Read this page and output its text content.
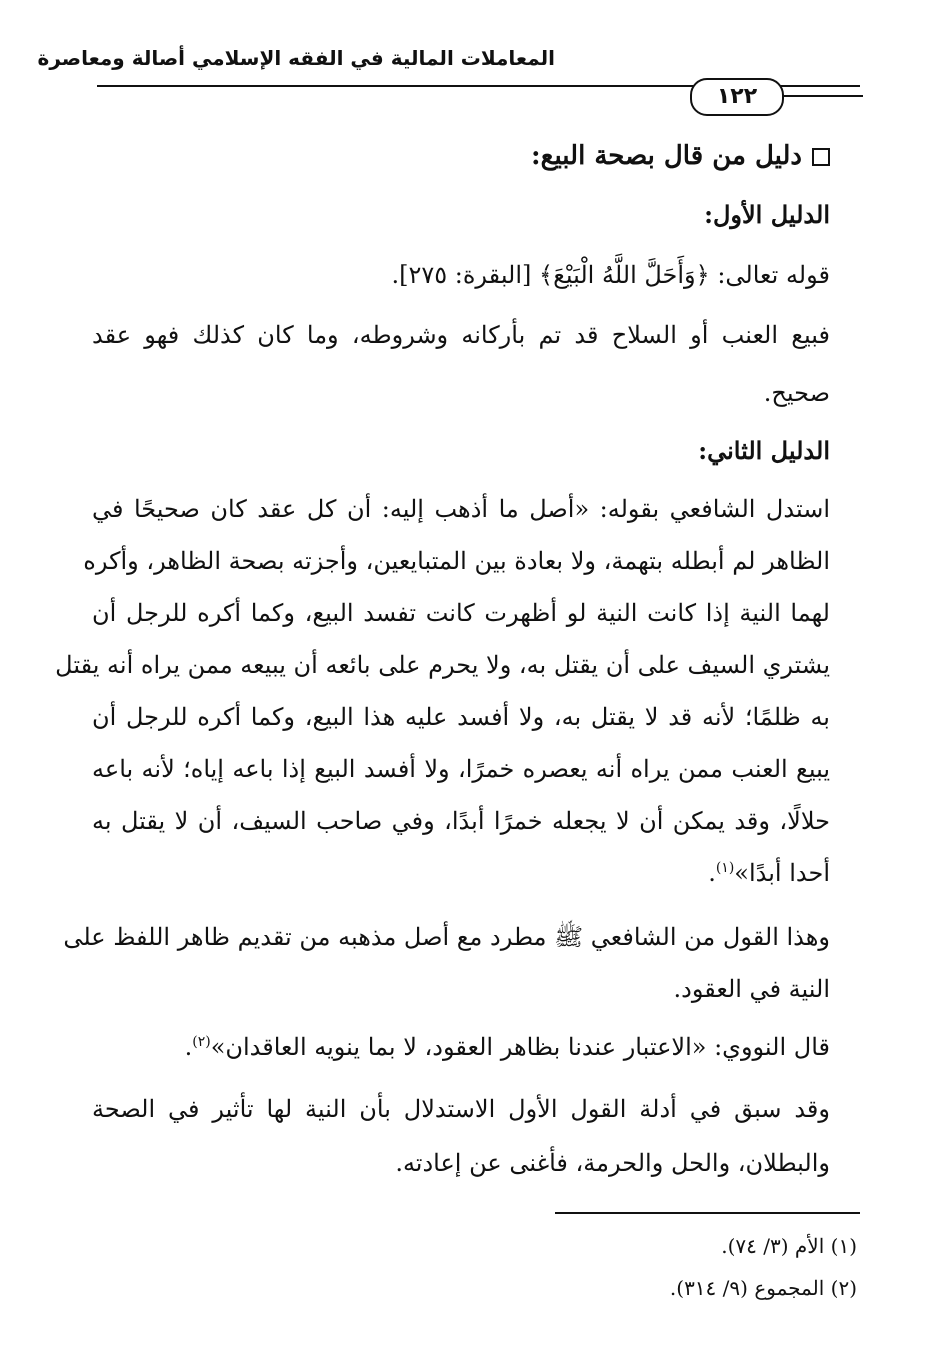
المعاملات المالية في الفقه الإسلامي أصالة ومعاصرة
١٢٢
دليل من قال بصحة البيع:
الدليل الأول:
قوله تعالى: ﴿وَأَحَلَّ اللَّهُ الْبَيْعَ﴾ [البقرة: ٢٧٥].
فبيع العنب أو السلاح قد تم بأركانه وشروطه، وما كان كذلك فهو عقد
صحيح.
الدليل الثاني:
استدل الشافعي بقوله: «أصل ما أذهب إليه: أن كل عقد كان صحيحًا في
الظاهر لم أبطله بتهمة، ولا بعادة بين المتبايعين، وأجزته بصحة الظاهر، وأكره
لهما النية إذا كانت النية لو أظهرت كانت تفسد البيع، وكما أكره للرجل أن
يشتري السيف على أن يقتل به، ولا يحرم على بائعه أن يبيعه ممن يراه أنه يقتل
به ظلمًا؛ لأنه قد لا يقتل به، ولا أفسد عليه هذا البيع، وكما أكره للرجل أن
يبيع العنب ممن يراه أنه يعصره خمرًا، ولا أفسد البيع إذا باعه إياه؛ لأنه باعه
حلالًا، وقد يمكن أن لا يجعله خمرًا أبدًا، وفي صاحب السيف، أن لا يقتل به
أحدا أبدًا»$^{(١)}$.
وهذا القول من الشافعي ﷺ مطرد مع أصل مذهبه من تقديم ظاهر اللفظ على
النية في العقود.
قال النووي: «الاعتبار عندنا بظاهر العقود، لا بما ينويه العاقدان»$^{(٢)}$.
وقد سبق في أدلة القول الأول الاستدلال بأن النية لها تأثير في الصحة
والبطلان، والحل والحرمة، فأغنى عن إعادته.
(١) الأم (٣/ ٧٤).
(٢) المجموع (٩/ ٣١٤).
